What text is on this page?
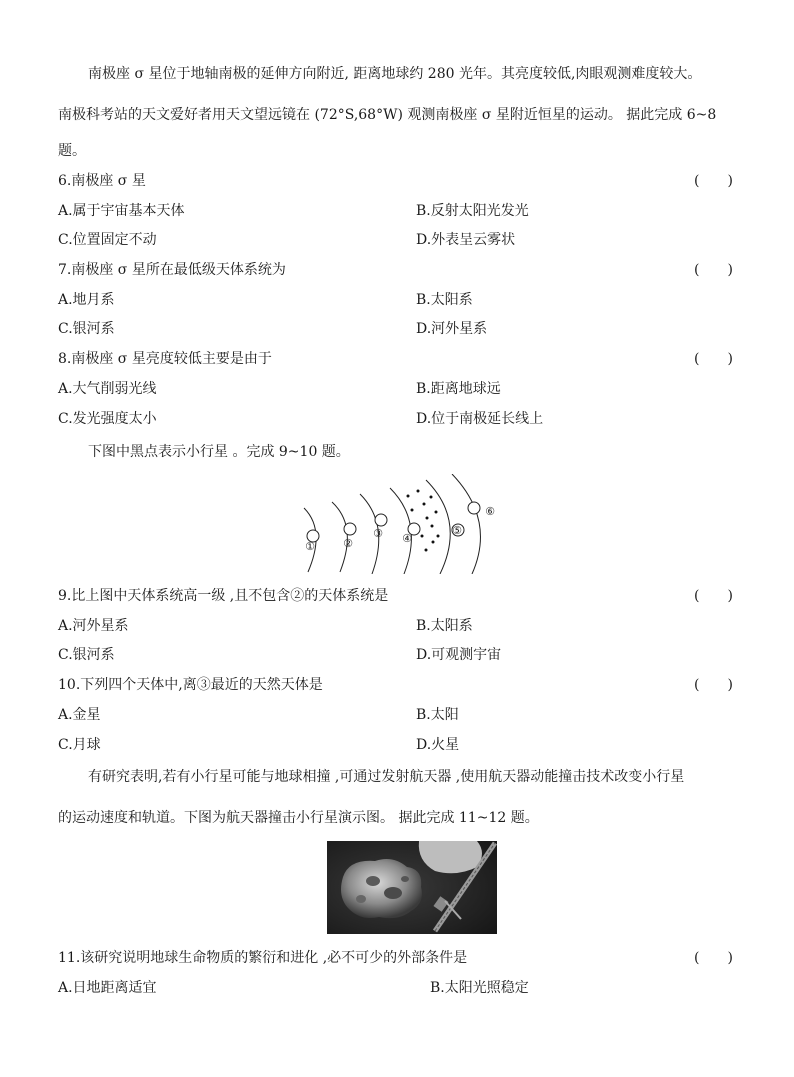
南极座 σ 星位于地轴南极的延伸方向附近, 距离地球约 280 光年。其亮度较低,肉眼观测难度较大。
南极科考站的天文爱好者用天文望远镜在 (72°S,68°W) 观测南极座 σ 星附近恒星的运动。 据此完成 6~8
题。
6.南极座 σ 星	(　　)
A.属于宇宙基本天体	B.反射太阳光发光
C.位置固定不动	D.外表呈云雾状
7.南极座 σ 星所在最低级天体系统为	(　　)
A.地月系	B.太阳系
C.银河系	D.河外星系
8.南极座 σ 星亮度较低主要是由于	(　　)
A.大气削弱光线	B.距离地球远
C.发光强度太小	D.位于南极延长线上
下图中黑点表示小行星 。完成 9~10 题。
①	②
③ ④
⑤
⑥
9.比上图中天体系统高一级 ,且不包含②的天体系统是	(　　)
A.河外星系	B.太阳系
C.银河系	D.可观测宇宙
10.下列四个天体中,离③最近的天然天体是	(　　)
A.金星	B.太阳
C.月球	D.火星
有研究表明,若有小行星可能与地球相撞 ,可通过发射航天器 ,使用航天器动能撞击技术改变小行星
的运动速度和轨道。下图为航天器撞击小行星演示图。 据此完成 11~12 题。
11.该研究说明地球生命物质的繁衍和进化 ,必不可少的外部条件是	(　　)
A.日地距离适宜	B.太阳光照稳定
